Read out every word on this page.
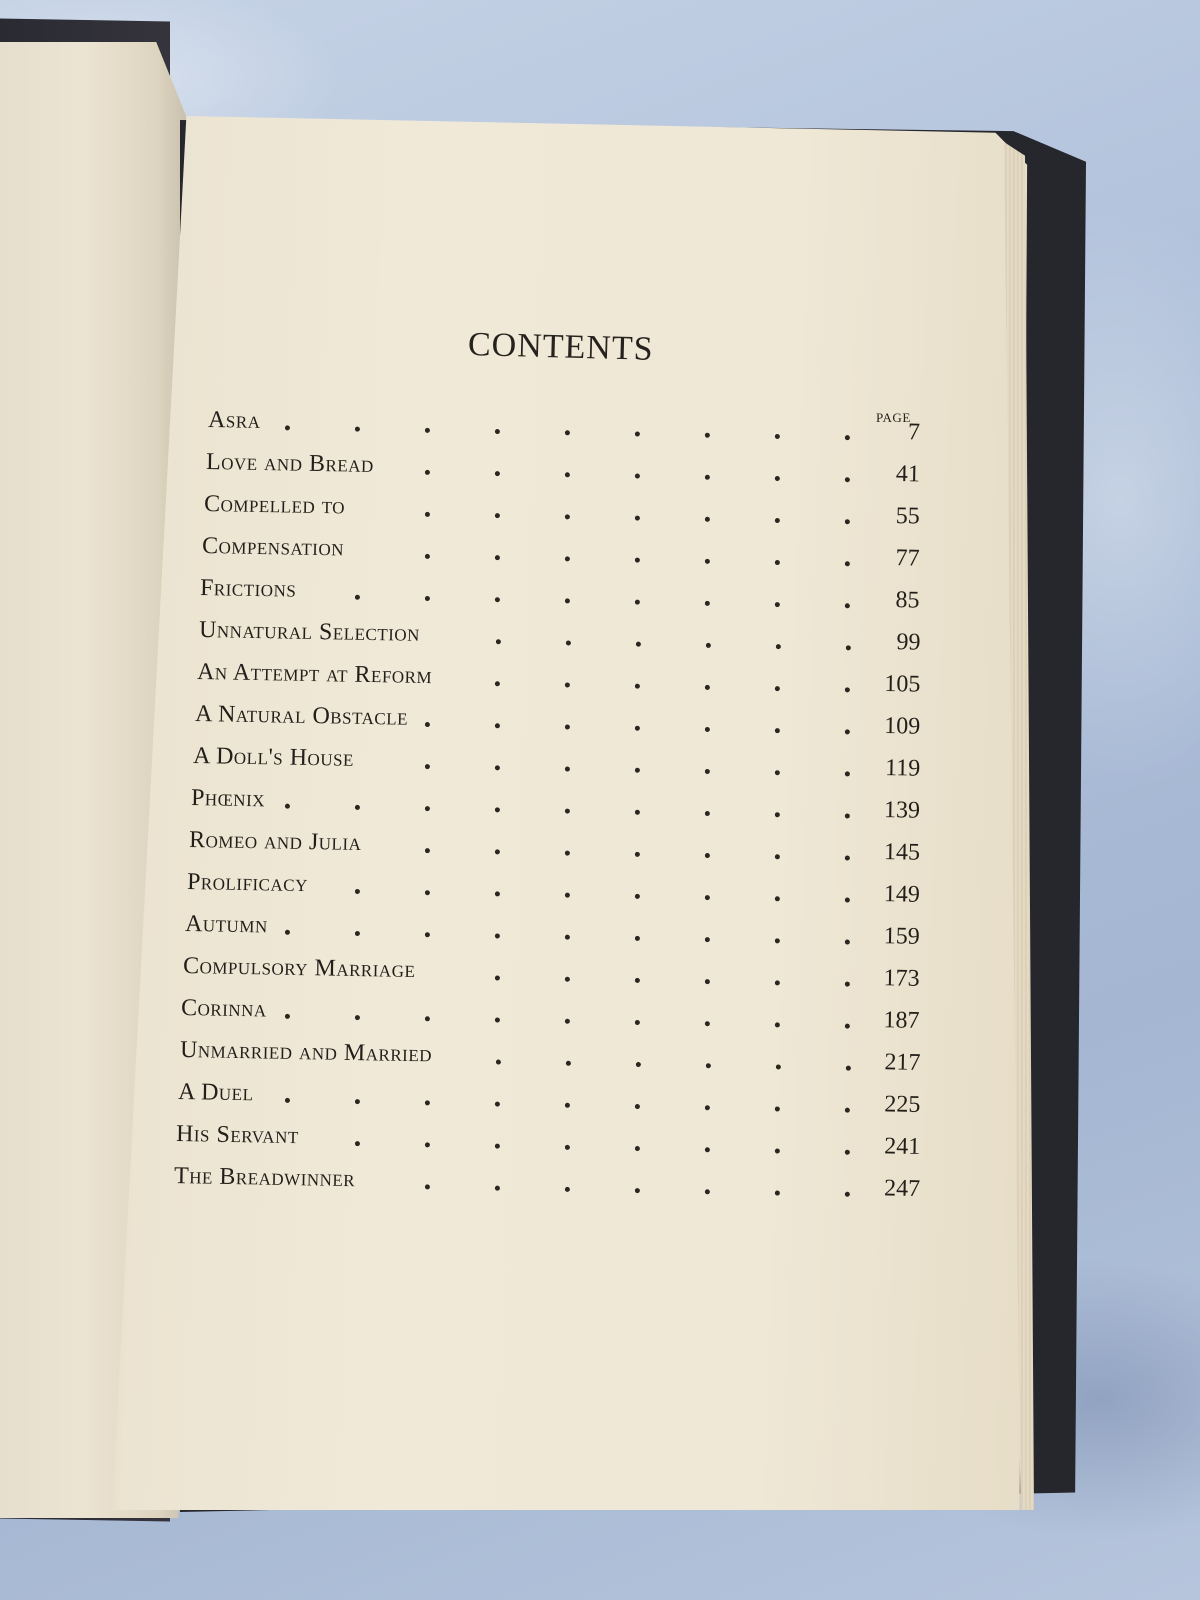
CONTENTS
PAGE
Asra	7
Love and Bread	41
Compelled to	55
Compensation	77
Frictions	85
Unnatural Selection	99
An Attempt at Reform	105
A Natural Obstacle	109
A Doll's House	119
Phœnix	139
Romeo and Julia	145
Prolificacy	149
Autumn	159
Compulsory Marriage	173
Corinna	187
Unmarried and Married	217
A Duel	225
His Servant	241
The Breadwinner	247
